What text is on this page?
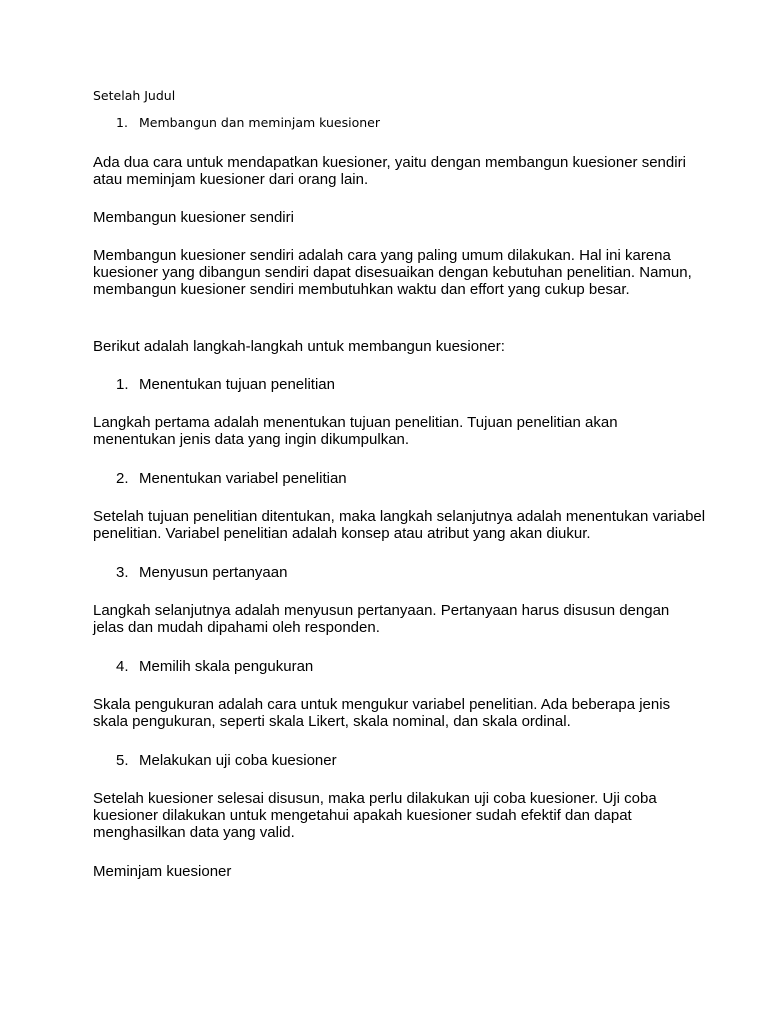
Setelah Judul

1. Membangun dan meminjam kuesioner

Ada dua cara untuk mendapatkan kuesioner, yaitu dengan membangun kuesioner sendiri atau meminjam kuesioner dari orang lain.

Membangun kuesioner sendiri

Membangun kuesioner sendiri adalah cara yang paling umum dilakukan. Hal ini karena kuesioner yang dibangun sendiri dapat disesuaikan dengan kebutuhan penelitian. Namun, membangun kuesioner sendiri membutuhkan waktu dan effort yang cukup besar.

Berikut adalah langkah-langkah untuk membangun kuesioner:

1. Menentukan tujuan penelitian

Langkah pertama adalah menentukan tujuan penelitian. Tujuan penelitian akan menentukan jenis data yang ingin dikumpulkan.

2. Menentukan variabel penelitian

Setelah tujuan penelitian ditentukan, maka langkah selanjutnya adalah menentukan variabel penelitian. Variabel penelitian adalah konsep atau atribut yang akan diukur.

3. Menyusun pertanyaan

Langkah selanjutnya adalah menyusun pertanyaan. Pertanyaan harus disusun dengan jelas dan mudah dipahami oleh responden.

4. Memilih skala pengukuran

Skala pengukuran adalah cara untuk mengukur variabel penelitian. Ada beberapa jenis skala pengukuran, seperti skala Likert, skala nominal, dan skala ordinal.

5. Melakukan uji coba kuesioner

Setelah kuesioner selesai disusun, maka perlu dilakukan uji coba kuesioner. Uji coba kuesioner dilakukan untuk mengetahui apakah kuesioner sudah efektif dan dapat menghasilkan data yang valid.

Meminjam kuesioner
